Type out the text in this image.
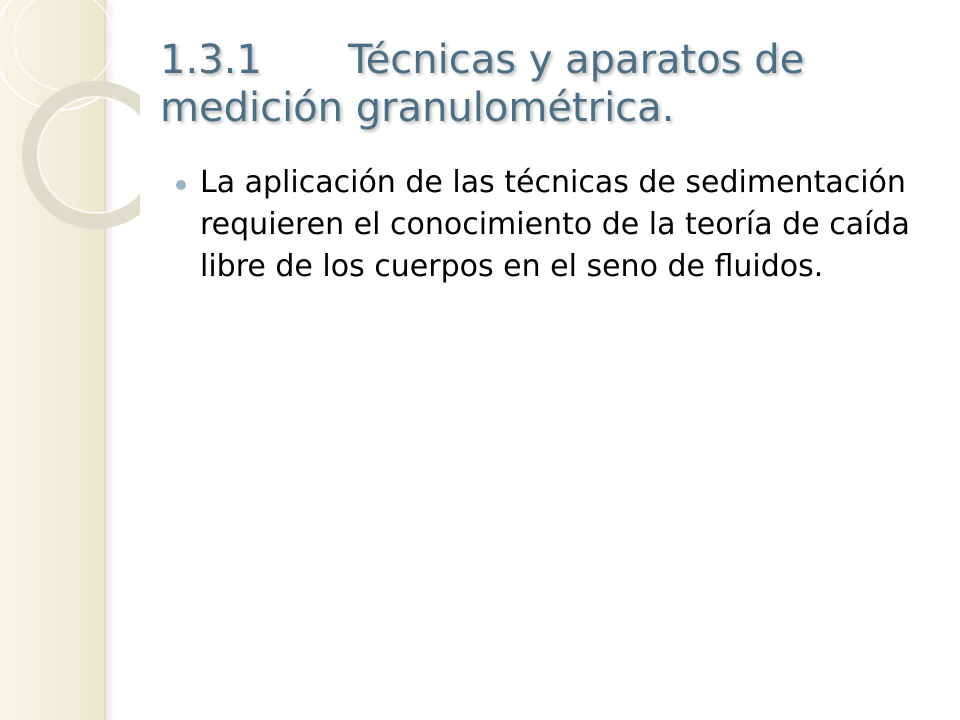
1.3.1 Técnicas y aparatos de medición granulométrica.
La aplicación de las técnicas de sedimentación requieren el conocimiento de la teoría de caída libre de los cuerpos en el seno de fluidos.
